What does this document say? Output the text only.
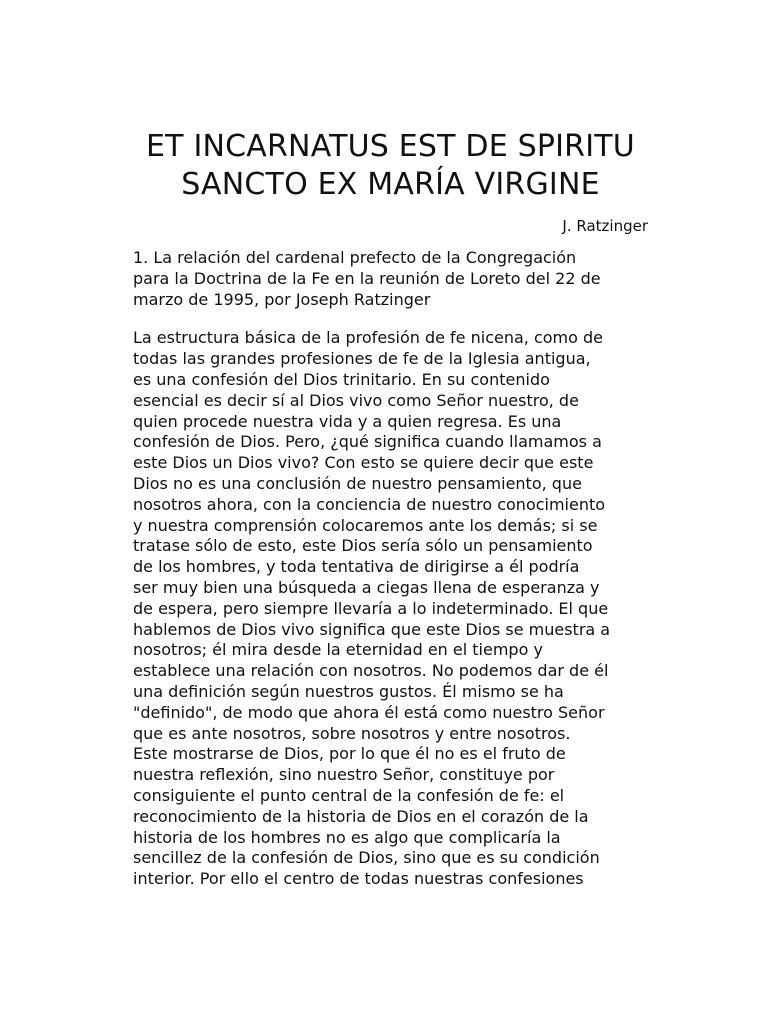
ET INCARNATUS EST DE SPIRITU
SANCTO EX MARÍA VIRGINE
J. Ratzinger
1. La relación del cardenal prefecto de la Congregación
para la Doctrina de la Fe en la reunión de Loreto del 22 de
marzo de 1995, por Joseph Ratzinger
La estructura básica de la profesión de fe nicena, como de
todas las grandes profesiones de fe de la Iglesia antigua,
es una confesión del Dios trinitario. En su contenido
esencial es decir sí al Dios vivo como Señor nuestro, de
quien procede nuestra vida y a quien regresa. Es una
confesión de Dios. Pero, ¿qué significa cuando llamamos a
este Dios un Dios vivo? Con esto se quiere decir que este
Dios no es una conclusión de nuestro pensamiento, que
nosotros ahora, con la conciencia de nuestro conocimiento
y nuestra comprensión colocaremos ante los demás; si se
tratase sólo de esto, este Dios sería sólo un pensamiento
de los hombres, y toda tentativa de dirigirse a él podría
ser muy bien una búsqueda a ciegas llena de esperanza y
de espera, pero siempre llevaría a lo indeterminado. El que
hablemos de Dios vivo significa que este Dios se muestra a
nosotros; él mira desde la eternidad en el tiempo y
establece una relación con nosotros. No podemos dar de él
una definición según nuestros gustos. Él mismo se ha
"definido", de modo que ahora él está como nuestro Señor
que es ante nosotros, sobre nosotros y entre nosotros.
Este mostrarse de Dios, por lo que él no es el fruto de
nuestra reflexión, sino nuestro Señor, constituye por
consiguiente el punto central de la confesión de fe: el
reconocimiento de la historia de Dios en el corazón de la
historia de los hombres no es algo que complicaría la
sencillez de la confesión de Dios, sino que es su condición
interior. Por ello el centro de todas nuestras confesiones
